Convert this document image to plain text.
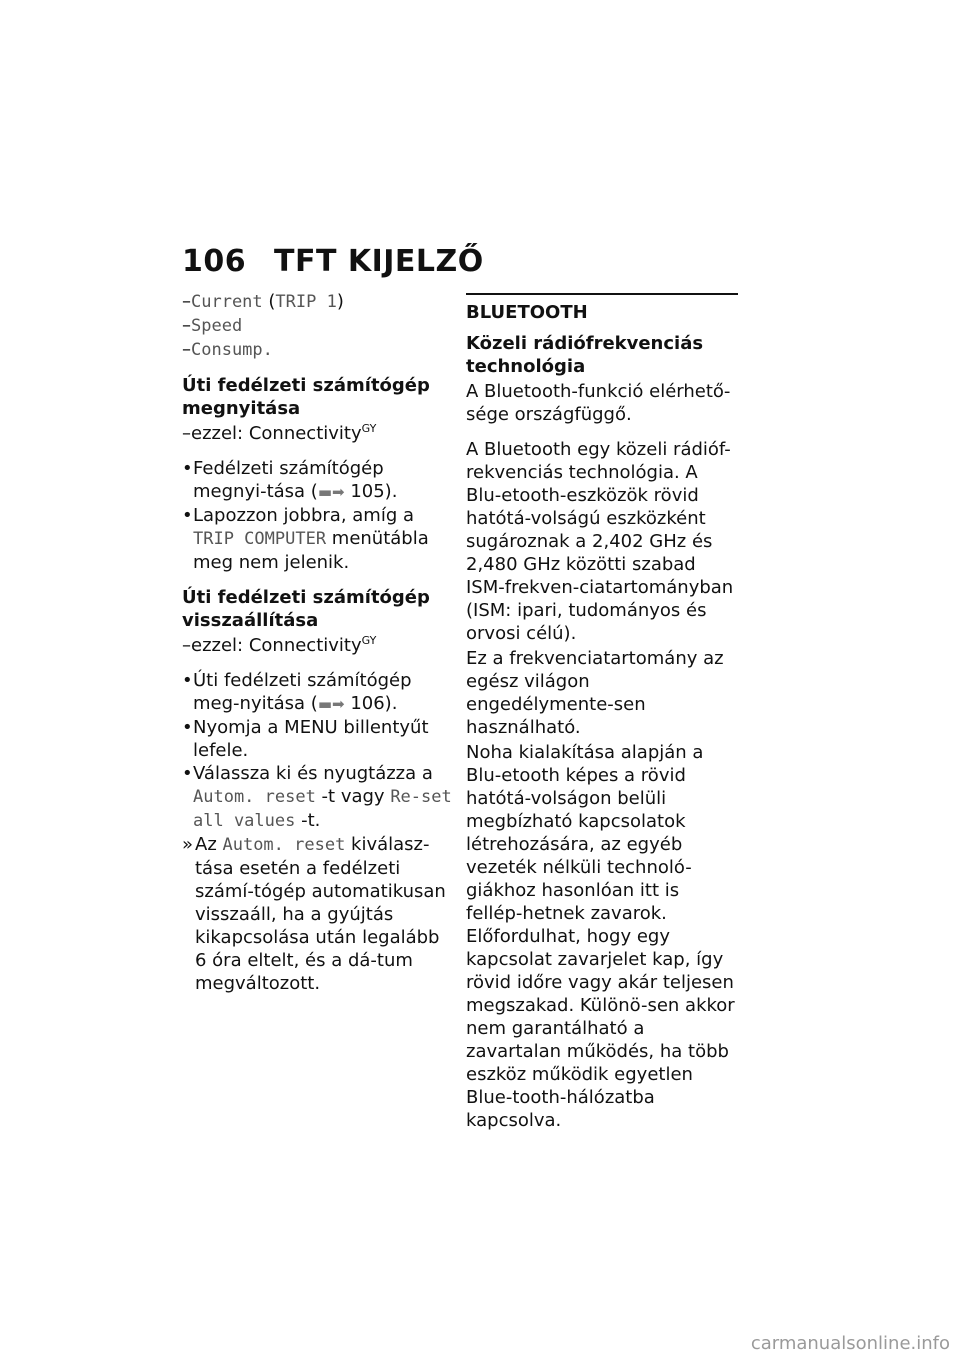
106 TFT KIJELZŐ
–Current (TRIP 1)
–Speed
–Consump.
Úti fedélzeti számítógép megnyitása
–ezzel: Connectivity$^{GY}$
• Fedélzeti számítógép megnyi-tása (▬➡ 105).
• Lapozzon jobbra, amíg a TRIP COMPUTER menütábla meg nem jelenik.
Úti fedélzeti számítógép visszaállítása
–ezzel: Connectivity$^{GY}$
• Úti fedélzeti számítógép meg-nyitása (▬➡ 106).
• Nyomja a MENU billentyűt lefele.
• Válassza ki és nyugtázza a Autom. reset -t vagy Re-set all values -t.
» Az Autom. reset kiválasz-tása esetén a fedélzeti számí-tógép automatikusan visszaáll, ha a gyújtás kikapcsolása után legalább 6 óra eltelt, és a dá-tum megváltozott.
BLUETOOTH
Közeli rádiófrekvenciás technológia
A Bluetooth-funkció elérhető-sége országfüggő.
A Bluetooth egy közeli rádióf-rekvenciás technológia. A Blu-etooth-eszközök rövid hatótá-volságú eszközként sugároznak a 2,402 GHz és 2,480 GHz közötti szabad ISM-frekven-ciatartományban (ISM: ipari, tudományos és orvosi célú).
Ez a frekvenciatartomány az egész világon engedélymente-sen használható.
Noha kialakítása alapján a Blu-etooth képes a rövid hatótá-volságon belüli megbízható kapcsolatok létrehozására, az egyéb vezeték nélküli technoló-giákhoz hasonlóan itt is fellép-hetnek zavarok. Előfordulhat, hogy egy kapcsolat zavarjelet kap, így rövid időre vagy akár teljesen megszakad. Különö-sen akkor nem garantálható a zavartalan működés, ha több eszköz működik egyetlen Blue-tooth-hálózatba kapcsolva.
carmanualsonline.info
